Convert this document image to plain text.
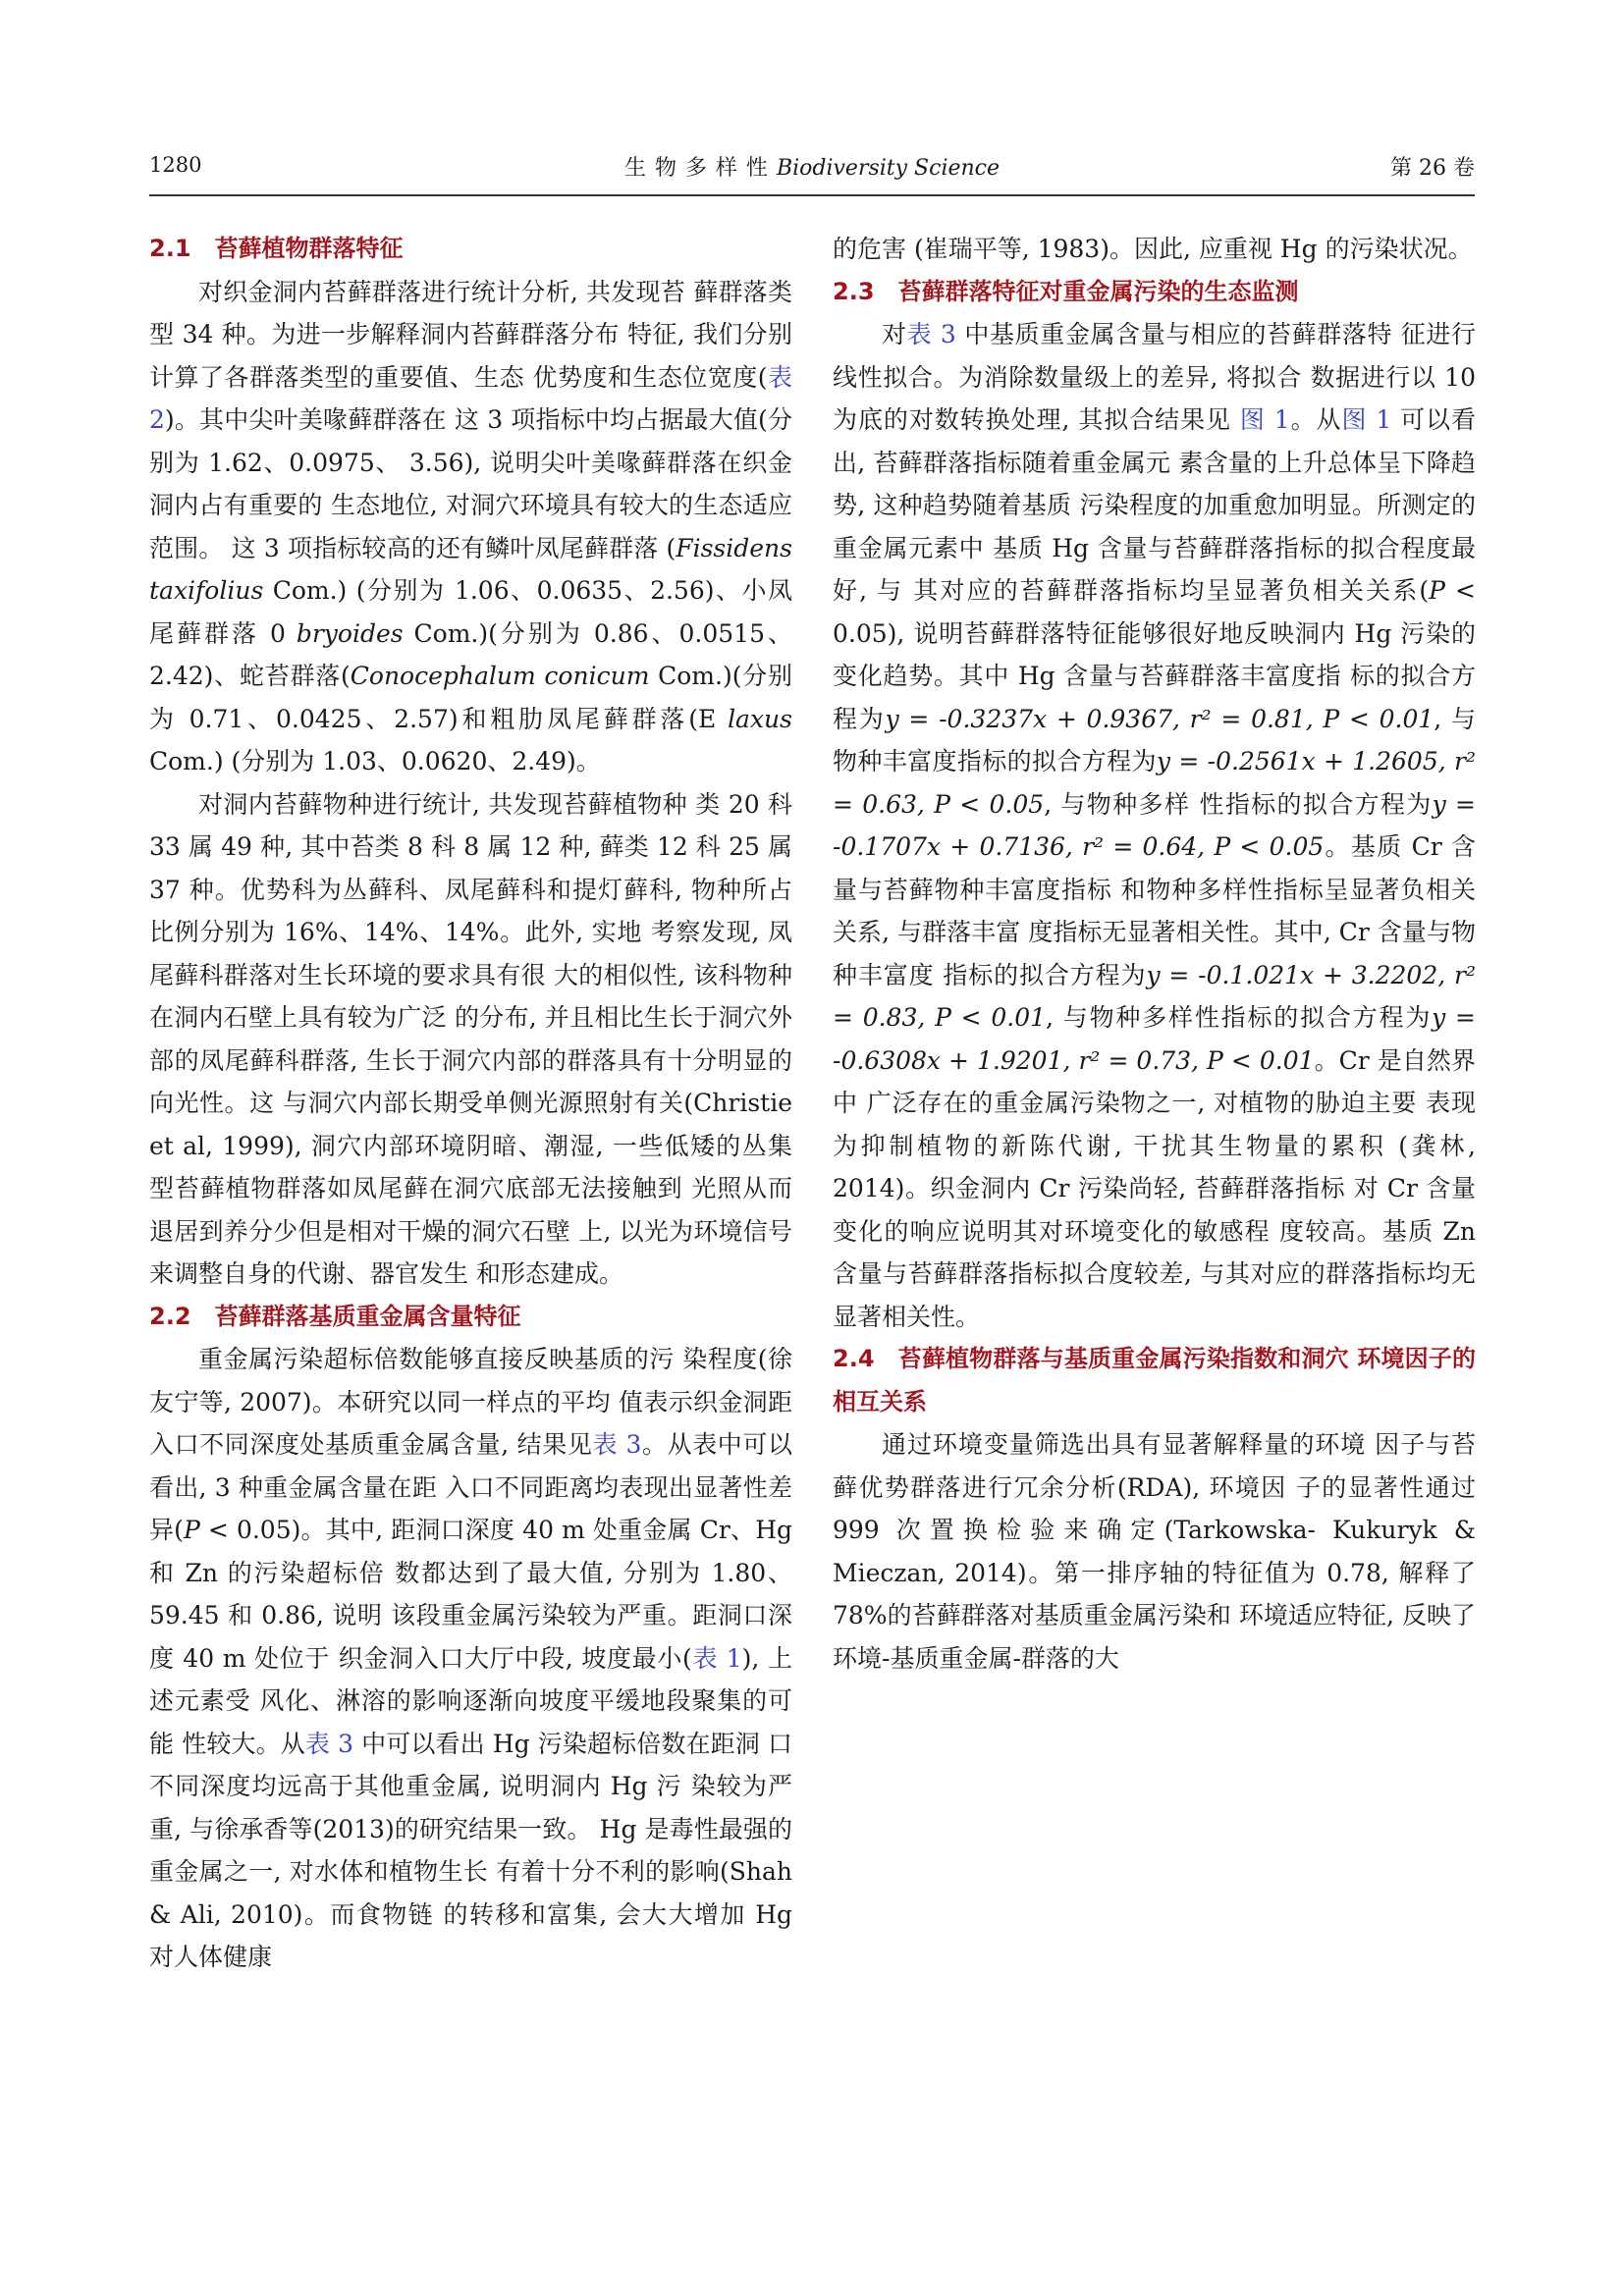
1280	生 物 多 样 性 Biodiversity Science	第 26 卷
2.1 苔藓植物群落特征

对织金洞内苔藓群落进行统计分析, 共发现苔 藓群落类型 34 种。为进一步解释洞内苔藓群落分布 特征, 我们分别计算了各群落类型的重要值、生态 优势度和生态位宽度(表 2)。其中尖叶美喙藓群落在 这 3 项指标中均占据最大值(分别为 1.62、0.0975、 3.56), 说明尖叶美喙藓群落在织金洞内占有重要的 生态地位, 对洞穴环境具有较大的生态适应范围。 这 3 项指标较高的还有鳞叶凤尾藓群落 (Fissidens taxifolius Com.) (分别为 1.06、0.0635、2.56)、小凤 尾藓群落 0 bryoides Com.)(分别为 0.86、0.0515、 2.42)、蛇苔群落(Conocephalum conicum Com.)(分别 为 0.71、0.0425、2.57)和粗肋凤尾藓群落(E laxus Com.) (分别为 1.03、0.0620、2.49)。

对洞内苔藓物种进行统计, 共发现苔藓植物种 类 20 科 33 属 49 种, 其中苔类 8 科 8 属 12 种, 藓类 12 科 25 属 37 种。优势科为丛藓科、凤尾藓科和提灯藓科, 物种所占比例分别为 16%、14%、14%。此外, 实地 考察发现, 凤尾藓科群落对生长环境的要求具有很 大的相似性, 该科物种在洞内石壁上具有较为广泛 的分布, 并且相比生长于洞穴外部的凤尾藓科群落, 生长于洞穴内部的群落具有十分明显的向光性。这 与洞穴内部长期受单侧光源照射有关(Christie et al, 1999), 洞穴内部环境阴暗、潮湿, 一些低矮的丛集 型苔藓植物群落如凤尾藓在洞穴底部无法接触到 光照从而退居到养分少但是相对干燥的洞穴石壁 上, 以光为环境信号来调整自身的代谢、器官发生 和形态建成。

2.2 苔藓群落基质重金属含量特征

重金属污染超标倍数能够直接反映基质的污 染程度(徐友宁等, 2007)。本研究以同一样点的平均 值表示织金洞距入口不同深度处基质重金属含量, 结果见表 3。从表中可以看出, 3 种重金属含量在距 入口不同距离均表现出显著性差异(P < 0.05)。其中, 距洞口深度 40 m 处重金属 Cr、Hg 和 Zn 的污染超标倍 数都达到了最大值, 分别为 1.80、 59.45 和 0.86, 说明 该段重金属污染较为严重。距洞口深度 40 m 处位于 织金洞入口大厅中段, 坡度最小(表 1), 上述元素受 风化、淋溶的影响逐渐向坡度平缓地段聚集的可能 性较大。从表 3 中可以看出 Hg 污染超标倍数在距洞 口不同深度均远高于其他重金属, 说明洞内 Hg 污 染较为严重, 与徐承香等(2013)的研究结果一致。 Hg 是毒性最强的重金属之一, 对水体和植物生长 有着十分不利的影响(Shah & Ali, 2010)。而食物链 的转移和富集, 会大大增加 Hg 对人体健康

的危害 (崔瑞平等, 1983)。因此, 应重视 Hg 的污染状况。

2.3 苔藓群落特征对重金属污染的生态监测

对表 3 中基质重金属含量与相应的苔藓群落特 征进行线性拟合。为消除数量级上的差异, 将拟合 数据进行以 10 为底的对数转换处理, 其拟合结果见 图 1。从图 1 可以看出, 苔藓群落指标随着重金属元 素含量的上升总体呈下降趋势, 这种趋势随着基质 污染程度的加重愈加明显。所测定的重金属元素中 基质 Hg 含量与苔藓群落指标的拟合程度最好, 与 其对应的苔藓群落指标均呈显著负相关关系(P < 0.05), 说明苔藓群落特征能够很好地反映洞内 Hg 污染的变化趋势。其中 Hg 含量与苔藓群落丰富度指 标的拟合方程为y = -0.3237x + 0.9367, r² = 0.81, P < 0.01, 与物种丰富度指标的拟合方程为y = -0.2561x + 1.2605, r² = 0.63, P < 0.05, 与物种多样 性指标的拟合方程为y = -0.1707x + 0.7136, r² = 0.64, P < 0.05。基质 Cr 含量与苔藓物种丰富度指标 和物种多样性指标呈显著负相关关系, 与群落丰富 度指标无显著相关性。其中, Cr 含量与物种丰富度 指标的拟合方程为y = -0.1.021x + 3.2202, r² = 0.83, P < 0.01, 与物种多样性指标的拟合方程为y = -0.6308x + 1.9201, r² = 0.73, P < 0.01。Cr 是自然界中 广泛存在的重金属污染物之一, 对植物的胁迫主要 表现为抑制植物的新陈代谢, 干扰其生物量的累积 (龚林, 2014)。织金洞内 Cr 污染尚轻, 苔藓群落指标 对 Cr 含量变化的响应说明其对环境变化的敏感程 度较高。基质 Zn 含量与苔藓群落指标拟合度较差, 与其对应的群落指标均无显著相关性。

2.4 苔藓植物群落与基质重金属污染指数和洞穴 环境因子的相互关系

通过环境变量筛选出具有显著解释量的环境 因子与苔藓优势群落进行冗余分析(RDA), 环境因 子的显著性通过 999 次置换检验来确定(Tarkowska- Kukuryk & Mieczan, 2014)。第一排序轴的特征值为 0.78, 解释了 78%的苔藓群落对基质重金属污染和 环境适应特征, 反映了环境-基质重金属-群落的大
